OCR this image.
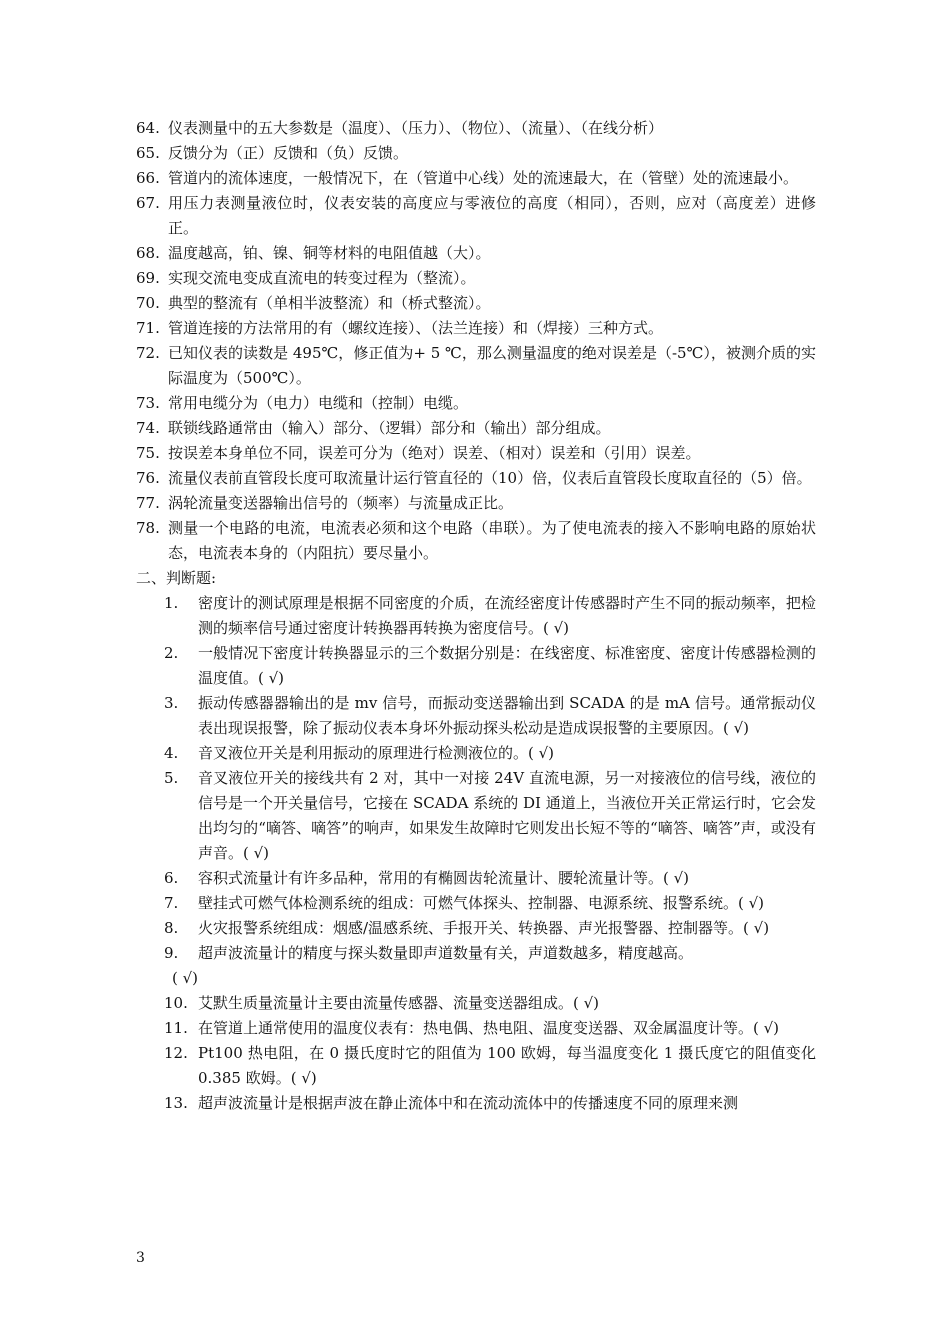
64. 仪表测量中的五大参数是（温度）、（压力）、（物位）、（流量）、（在线分析）
65. 反馈分为（正）反馈和（负）反馈。
66. 管道内的流体速度，一般情况下，在（管道中心线）处的流速最大，在（管壁）处的流速最小。
67. 用压力表测量液位时，仪表安装的高度应与零液位的高度（相同），否则，应对（高度差）进修正。
68. 温度越高，铂、镍、铜等材料的电阻值越（大）。
69. 实现交流电变成直流电的转变过程为（整流）。
70. 典型的整流有（单相半波整流）和（桥式整流）。
71. 管道连接的方法常用的有（螺纹连接）、（法兰连接）和（焊接）三种方式。
72. 已知仪表的读数是 495℃，修正值为+ 5 ℃，那么测量温度的绝对误差是（-5℃），被测介质的实际温度为（500℃）。
73. 常用电缆分为（电力）电缆和（控制）电缆。
74. 联锁线路通常由（输入）部分、（逻辑）部分和（输出）部分组成。
75. 按误差本身单位不同，误差可分为（绝对）误差、（相对）误差和（引用）误差。
76. 流量仪表前直管段长度可取流量计运行管直径的（10）倍，仪表后直管段长度取直径的（5）倍。
77. 涡轮流量变送器输出信号的（频率）与流量成正比。
78. 测量一个电路的电流，电流表必须和这个电路（串联）。为了使电流表的接入不影响电路的原始状态，电流表本身的（内阻抗）要尽量小。
二、判断题:
1.	密度计的测试原理是根据不同密度的介质，在流经密度计传感器时产生不同的振动频率，把检测的频率信号通过密度计转换器再转换为密度信号。( √)
2.	一般情况下密度计转换器显示的三个数据分别是：在线密度、标准密度、密度计传感器检测的温度值。( √)
3.	振动传感器器输出的是 mv 信号，而振动变送器输出到 SCADA 的是 mA 信号。通常振动仪表出现误报警，除了振动仪表本身坏外振动探头松动是造成误报警的主要原因。( √)
4.	音叉液位开关是利用振动的原理进行检测液位的。( √)
5.	音叉液位开关的接线共有 2 对，其中一对接 24V 直流电源，另一对接液位的信号线，液位的信号是一个开关量信号，它接在 SCADA 系统的 DI 通道上，当液位开关正常运行时，它会发出均匀的“嘀答、嘀答”的响声，如果发生故障时它则发出长短不等的“嘀答、嘀答”声，或没有声音。( √)
6.	容积式流量计有许多品种，常用的有椭圆齿轮流量计、腰轮流量计等。( √)
7.	壁挂式可燃气体检测系统的组成：可燃气体探头、控制器、电源系统、报警系统。( √)
8.	火灾报警系统组成：烟感/温感系统、手报开关、转换器、声光报警器、控制器等。( √)
9.	超声波流量计的精度与探头数量即声道数量有关，声道数越多，精度越高。
( √)
10. 艾默生质量流量计主要由流量传感器、流量变送器组成。( √)
11. 在管道上通常使用的温度仪表有：热电偶、热电阻、温度变送器、双金属温度计等。( √)
12. Pt100 热电阻，在 0 摄氏度时它的阻值为 100 欧姆，每当温度变化 1 摄氏度它的阻值变化 0.385 欧姆。( √)
13. 超声波流量计是根据声波在静止流体中和在流动流体中的传播速度不同的原理来测
3
